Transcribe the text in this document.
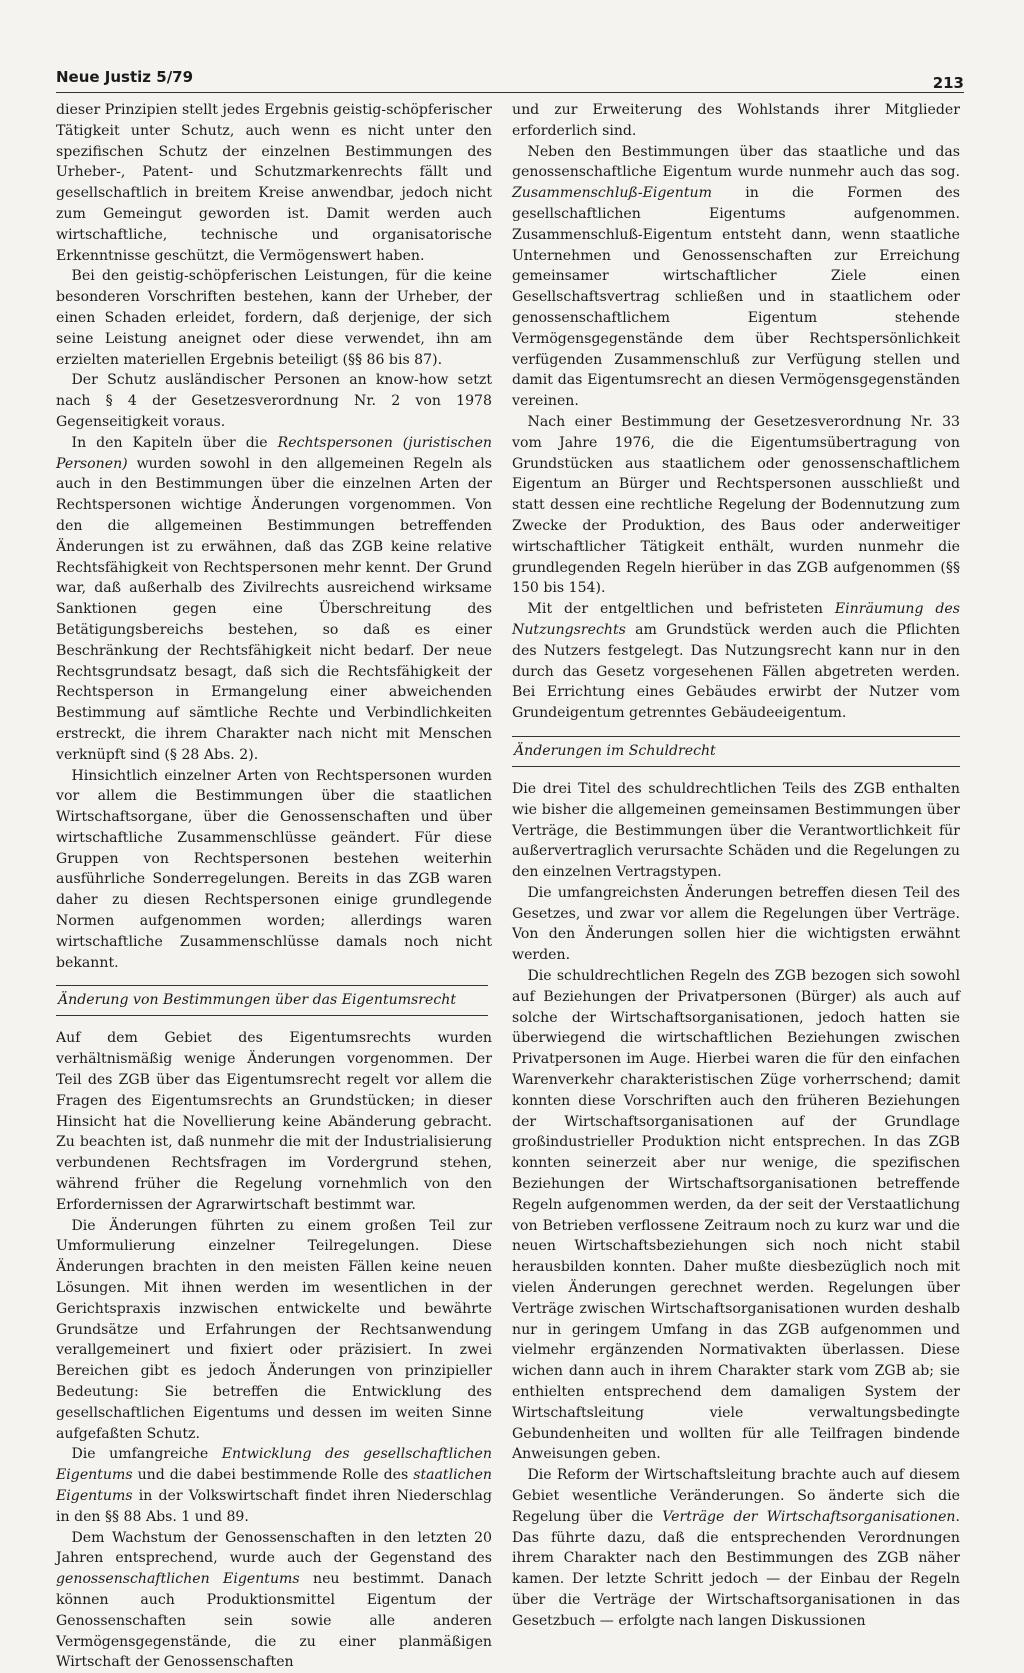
Neue Justiz 5/79	213

dieser Prinzipien stellt jedes Ergebnis geistig-schöpferischer Tätigkeit unter Schutz, auch wenn es nicht unter den spezifischen Schutz der einzelnen Bestimmungen des Urheber-, Patent- und Schutzmarkenrechts fällt und gesellschaftlich in breitem Kreise anwendbar, jedoch nicht zum Gemeingut geworden ist. Damit werden auch wirtschaftliche, technische und organisatorische Erkenntnisse geschützt, die Vermögenswert haben.

Bei den geistig-schöpferischen Leistungen, für die keine besonderen Vorschriften bestehen, kann der Urheber, der einen Schaden erleidet, fordern, daß derjenige, der sich seine Leistung aneignet oder diese verwendet, ihn am erzielten materiellen Ergebnis beteiligt (§§ 86 bis 87).

Der Schutz ausländischer Personen an know-how setzt nach § 4 der Gesetzesverordnung Nr. 2 von 1978 Gegenseitigkeit voraus.

In den Kapiteln über die Rechtspersonen (juristischen Personen) wurden sowohl in den allgemeinen Regeln als auch in den Bestimmungen über die einzelnen Arten der Rechtspersonen wichtige Änderungen vorgenommen. Von den die allgemeinen Bestimmungen betreffenden Änderungen ist zu erwähnen, daß das ZGB keine relative Rechtsfähigkeit von Rechtspersonen mehr kennt. Der Grund war, daß außerhalb des Zivilrechts ausreichend wirksame Sanktionen gegen eine Überschreitung des Betätigungsbereichs bestehen, so daß es einer Beschränkung der Rechtsfähigkeit nicht bedarf. Der neue Rechtsgrundsatz besagt, daß sich die Rechtsfähigkeit der Rechtsperson in Ermangelung einer abweichenden Bestimmung auf sämtliche Rechte und Verbindlichkeiten erstreckt, die ihrem Charakter nach nicht mit Menschen verknüpft sind (§ 28 Abs. 2).

Hinsichtlich einzelner Arten von Rechtspersonen wurden vor allem die Bestimmungen über die staatlichen Wirtschaftsorgane, über die Genossenschaften und über wirtschaftliche Zusammenschlüsse geändert. Für diese Gruppen von Rechtspersonen bestehen weiterhin ausführliche Sonderregelungen. Bereits in das ZGB waren daher zu diesen Rechtspersonen einige grundlegende Normen aufgenommen worden; allerdings waren wirtschaftliche Zusammenschlüsse damals noch nicht bekannt.

Änderung von Bestimmungen über das Eigentumsrecht

Auf dem Gebiet des Eigentumsrechts wurden verhältnismäßig wenige Änderungen vorgenommen. Der Teil des ZGB über das Eigentumsrecht regelt vor allem die Fragen des Eigentumsrechts an Grundstücken; in dieser Hinsicht hat die Novellierung keine Abänderung gebracht. Zu beachten ist, daß nunmehr die mit der Industrialisierung verbundenen Rechtsfragen im Vordergrund stehen, während früher die Regelung vornehmlich von den Erfordernissen der Agrarwirtschaft bestimmt war.

Die Änderungen führten zu einem großen Teil zur Umformulierung einzelner Teilregelungen. Diese Änderungen brachten in den meisten Fällen keine neuen Lösungen. Mit ihnen werden im wesentlichen in der Gerichtspraxis inzwischen entwickelte und bewährte Grundsätze und Erfahrungen der Rechtsanwendung verallgemeinert und fixiert oder präzisiert. In zwei Bereichen gibt es jedoch Änderungen von prinzipieller Bedeutung: Sie betreffen die Entwicklung des gesellschaftlichen Eigentums und dessen im weiten Sinne aufgefaßten Schutz.

Die umfangreiche Entwicklung des gesellschaftlichen Eigentums und die dabei bestimmende Rolle des staatlichen Eigentums in der Volkswirtschaft findet ihren Niederschlag in den §§ 88 Abs. 1 und 89.

Dem Wachstum der Genossenschaften in den letzten 20 Jahren entsprechend, wurde auch der Gegenstand des genossenschaftlichen Eigentums neu bestimmt. Danach können auch Produktionsmittel Eigentum der Genossenschaften sein sowie alle anderen Vermögensgegenstände, die zu einer planmäßigen Wirtschaft der Genossenschaften

und zur Erweiterung des Wohlstands ihrer Mitglieder erforderlich sind.

Neben den Bestimmungen über das staatliche und das genossenschaftliche Eigentum wurde nunmehr auch das sog. Zusammenschluß-Eigentum in die Formen des gesellschaftlichen Eigentums aufgenommen. Zusammenschluß-Eigentum entsteht dann, wenn staatliche Unternehmen und Genossenschaften zur Erreichung gemeinsamer wirtschaftlicher Ziele einen Gesellschaftsvertrag schließen und in staatlichem oder genossenschaftlichem Eigentum stehende Vermögensgegenstände dem über Rechtspersönlichkeit verfügenden Zusammenschluß zur Verfügung stellen und damit das Eigentumsrecht an diesen Vermögensgegenständen vereinen.

Nach einer Bestimmung der Gesetzesverordnung Nr. 33 vom Jahre 1976, die die Eigentumsübertragung von Grundstücken aus staatlichem oder genossenschaftlichem Eigentum an Bürger und Rechtspersonen ausschließt und statt dessen eine rechtliche Regelung der Bodennutzung zum Zwecke der Produktion, des Baus oder anderweitiger wirtschaftlicher Tätigkeit enthält, wurden nunmehr die grundlegenden Regeln hierüber in das ZGB aufgenommen (§§ 150 bis 154).

Mit der entgeltlichen und befristeten Einräumung des Nutzungsrechts am Grundstück werden auch die Pflichten des Nutzers festgelegt. Das Nutzungsrecht kann nur in den durch das Gesetz vorgesehenen Fällen abgetreten werden. Bei Errichtung eines Gebäudes erwirbt der Nutzer vom Grundeigentum getrenntes Gebäudeeigentum.

Änderungen im Schuldrecht

Die drei Titel des schuldrechtlichen Teils des ZGB enthalten wie bisher die allgemeinen gemeinsamen Bestimmungen über Verträge, die Bestimmungen über die Verantwortlichkeit für außervertraglich verursachte Schäden und die Regelungen zu den einzelnen Vertragstypen.

Die umfangreichsten Änderungen betreffen diesen Teil des Gesetzes, und zwar vor allem die Regelungen über Verträge. Von den Änderungen sollen hier die wichtigsten erwähnt werden.

Die schuldrechtlichen Regeln des ZGB bezogen sich sowohl auf Beziehungen der Privatpersonen (Bürger) als auch auf solche der Wirtschaftsorganisationen, jedoch hatten sie überwiegend die wirtschaftlichen Beziehungen zwischen Privatpersonen im Auge. Hierbei waren die für den einfachen Warenverkehr charakteristischen Züge vorherrschend; damit konnten diese Vorschriften auch den früheren Beziehungen der Wirtschaftsorganisationen auf der Grundlage großindustrieller Produktion nicht entsprechen. In das ZGB konnten seinerzeit aber nur wenige, die spezifischen Beziehungen der Wirtschaftsorganisationen betreffende Regeln aufgenommen werden, da der seit der Verstaatlichung von Betrieben verflossene Zeitraum noch zu kurz war und die neuen Wirtschaftsbeziehungen sich noch nicht stabil herausbilden konnten. Daher mußte diesbezüglich noch mit vielen Änderungen gerechnet werden. Regelungen über Verträge zwischen Wirtschaftsorganisationen wurden deshalb nur in geringem Umfang in das ZGB aufgenommen und vielmehr ergänzenden Normativakten überlassen. Diese wichen dann auch in ihrem Charakter stark vom ZGB ab; sie enthielten entsprechend dem damaligen System der Wirtschaftsleitung viele verwaltungsbedingte Gebundenheiten und wollten für alle Teilfragen bindende Anweisungen geben.

Die Reform der Wirtschaftsleitung brachte auch auf diesem Gebiet wesentliche Veränderungen. So änderte sich die Regelung über die Verträge der Wirtschaftsorganisationen. Das führte dazu, daß die entsprechenden Verordnungen ihrem Charakter nach den Bestimmungen des ZGB näher kamen. Der letzte Schritt jedoch — der Einbau der Regeln über die Verträge der Wirtschaftsorganisationen in das Gesetzbuch — erfolgte nach langen Diskussionen
